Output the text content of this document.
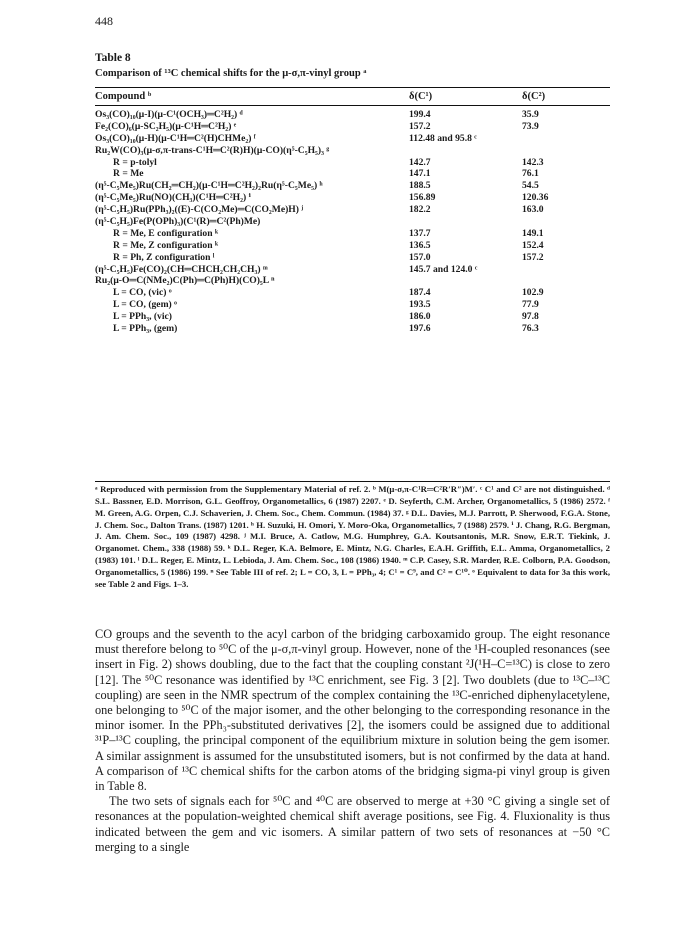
448
Table 8
Comparison of ¹³C chemical shifts for the μ-σ,π-vinyl group ᵃ
Compound ᵇ	δ(C¹)	δ(C²)
Os₃(CO)₁₀(μ-I)(μ-C¹(OCH₃)═C²H₂) ᵈ	199.4	35.9
Fe₂(CO)₆(μ-SC₂H₅)(μ-C¹H═C²H₂) ᵉ	157.2	73.9
Os₃(CO)₁₀(μ-H)(μ-C¹H═C²(H)CHMe₂) ᶠ	112.48 and 95.8 ᶜ
Ru₂W(CO)₃(μ-σ,π-trans-C¹H═C²(R)H)(μ-CO)(η⁵-C₅H₅)₃ ᵍ
R = p-tolyl	142.7	142.3
R = Me	147.1	76.1
(η⁵-C₅Me₅)Ru(CH₂═CH₂)(μ-C¹H═C²H₂)₂Ru(η⁵-C₅Me₅) ʰ	188.5	54.5
(η⁵-C₅Me₅)Ru(NO)(CH₃)(C¹H═C²H₂) ⁱ	156.89	120.36
(η⁵-C₅H₅)Ru(PPh₃)₂((E)-C(CO₂Me)═C(CO₂Me)H) ʲ	182.2	163.0
(η⁵-C₅H₅)Fe(P(OPh)₃)(C¹(R)═C²(Ph)Me)
R = Me, E configuration ᵏ	137.7	149.1
R = Me, Z configuration ᵏ	136.5	152.4
R = Ph, Z configuration ˡ	157.0	157.2
(η⁵-C₅H₅)Fe(CO)₂(CH═CHCH₂CH₂CH₃) ᵐ	145.7 and 124.0 ᶜ
Ru₂(μ-O═C(NMe₂)C(Ph)═C(Ph)H)(CO)₅L ⁿ
L = CO, (vic) ᵒ	187.4	102.9
L = CO, (gem) ᵒ	193.5	77.9
L = PPh₃, (vic)	186.0	97.8
L = PPh₃, (gem)	197.6	76.3
ᵃ Reproduced with permission from the Supplementary Material of ref. 2. ᵇ M(μ-σ,π-C¹R═C²R′R″)M′. ᶜ C¹ and C² are not distinguished. ᵈ S.L. Bassner, E.D. Morrison, G.L. Geoffroy, Organometallics, 6 (1987) 2207. ᵉ D. Seyferth, C.M. Archer, Organometallics, 5 (1986) 2572. ᶠ M. Green, A.G. Orpen, C.J. Schaverien, J. Chem. Soc., Chem. Commun. (1984) 37. ᵍ D.L. Davies, M.J. Parrott, P. Sherwood, F.G.A. Stone, J. Chem. Soc., Dalton Trans. (1987) 1201. ʰ H. Suzuki, H. Omori, Y. Moro-Oka, Organometallics, 7 (1988) 2579. ⁱ J. Chang, R.G. Bergman, J. Am. Chem. Soc., 109 (1987) 4298. ʲ M.I. Bruce, A. Catlow, M.G. Humphrey, G.A. Koutsantonis, M.R. Snow, E.R.T. Tiekink, J. Organomet. Chem., 338 (1988) 59. ᵏ D.L. Reger, K.A. Belmore, E. Mintz, N.G. Charles, E.A.H. Griffith, E.L. Amma, Organometallics, 2 (1983) 101. ˡ D.L. Reger, E. Mintz, L. Lebioda, J. Am. Chem. Soc., 108 (1986) 1940. ᵐ C.P. Casey, S.R. Marder, R.E. Colborn, P.A. Goodson, Organometallics, 5 (1986) 199. ⁿ See Table III of ref. 2; L = CO, 3, L = PPh₃, 4; C¹ = C⁹, and C² = C¹⁰. ᵒ Equivalent to data for 3a this work, see Table 2 and Figs. 1–3.

CO groups and the seventh to the acyl carbon of the bridging carboxamido group. The eight resonance must therefore belong to ⁵⁰C of the μ-σ,π-vinyl group. However, none of the ¹H-coupled resonances (see insert in Fig. 2) shows doubling, due to the fact that the coupling constant ²J(¹H–C=¹³C) is close to zero [12]. The ⁵⁰C resonance was identified by ¹³C enrichment, see Fig. 3 [2]. Two doublets (due to ¹³C–¹³C coupling) are seen in the NMR spectrum of the complex containing the ¹³C-enriched diphenylacetylene, one belonging to ⁵⁰C of the major isomer, and the other belonging to the corresponding resonance in the minor isomer. In the PPh₃-substituted derivatives [2], the isomers could be assigned due to additional ³¹P–¹³C coupling, the principal component of the equilibrium mixture in solution being the gem isomer. A similar assignment is assumed for the unsubstituted isomers, but is not confirmed by the data at hand. A comparison of ¹³C chemical shifts for the carbon atoms of the bridging sigma-pi vinyl group is given in Table 8.

The two sets of signals each for ⁵⁰C and ⁴⁰C are observed to merge at +30 °C giving a single set of resonances at the population-weighted chemical shift average positions, see Fig. 4. Fluxionality is thus indicated between the gem and vic isomers. A similar pattern of two sets of resonances at −50 °C merging to a single
